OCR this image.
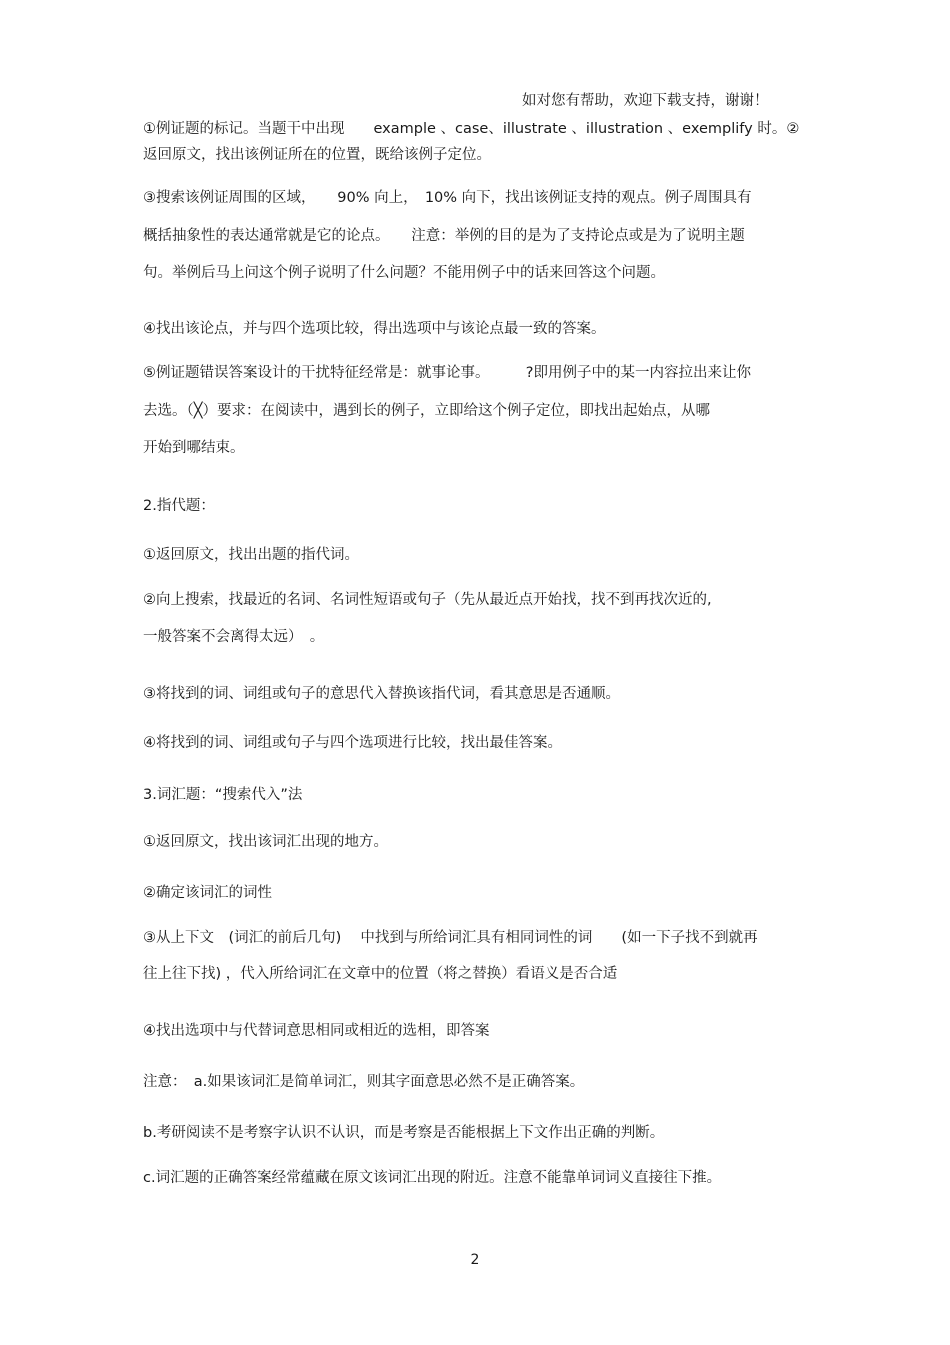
如对您有帮助，欢迎下载支持，谢谢！
①例证题的标记。当题干中出现　　example 、case、illustrate 、illustration 、exemplify 时。②
返回原文，找出该例证所在的位置，既给该例子定位。
③搜索该例证周围的区域，　　90% 向上，　10% 向下，找出该例证支持的观点。例子周围具有
概括抽象性的表达通常就是它的论点。　　注意：举例的目的是为了支持论点或是为了说明主题
句。举例后马上问这个例子说明了什么问题？不能用例子中的话来回答这个问题。
④找出该论点，并与四个选项比较，得出选项中与该论点最一致的答案。
⑤例证题错误答案设计的干扰特征经常是：就事论事。　　　?即用例子中的某一内容拉出来让你
去选。（╳）要求：在阅读中，遇到长的例子，立即给这个例子定位，即找出起始点，从哪
开始到哪结束。
2.指代题：
①返回原文，找出出题的指代词。
②向上搜索，找最近的名词、名词性短语或句子（先从最近点开始找，找不到再找次近的,
一般答案不会离得太远）　。
③将找到的词、词组或句子的意思代入替换该指代词，看其意思是否通顺。
④将找到的词、词组或句子与四个选项进行比较，找出最佳答案。
3.词汇题：“搜索代入”法
①返回原文，找出该词汇出现的地方。
②确定该词汇的词性
③从上下文　(词汇的前后几句)　 中找到与所给词汇具有相同词性的词　　(如一下子找不到就再
往上往下找) ，代入所给词汇在文章中的位置（将之替换）看语义是否合适
④找出选项中与代替词意思相同或相近的选相，即答案
注意：　a.如果该词汇是简单词汇，则其字面意思必然不是正确答案。
b.考研阅读不是考察字认识不认识，而是考察是否能根据上下文作出正确的判断。
c.词汇题的正确答案经常蕴藏在原文该词汇出现的附近。注意不能靠单词词义直接往下推。
2
